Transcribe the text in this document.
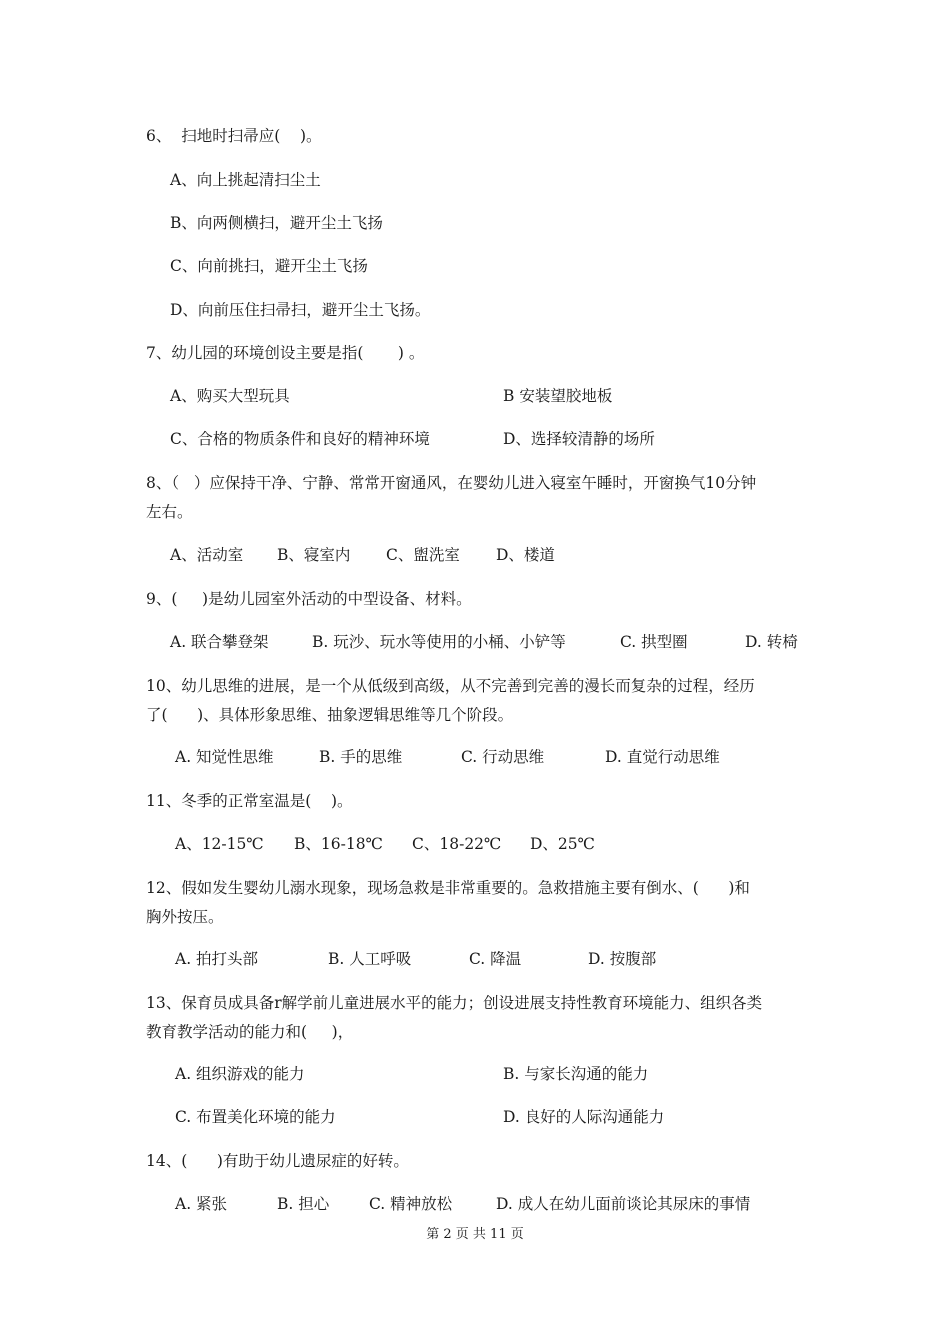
6、  扫地时扫帚应(    )。
A、向上挑起清扫尘土
B、向两侧横扫，避开尘土飞扬
C、向前挑扫，避开尘土飞扬
D、向前压住扫帚扫，避开尘土飞扬。
7、幼儿园的环境创设主要是指(       ) 。
A、购买大型玩具	B 安装望胶地板
C、合格的物质条件和良好的精神环境	D、选择较清静的场所
8、（   ）应保持干净、宁静、常常开窗通风，在婴幼儿进入寝室午睡时，开窗换气10分钟
左右。
A、活动室 B、寝室内 C、盥洗室 D、楼道
9、(     )是幼儿园室外活动的中型设备、材料。
A. 联合攀登架	B. 玩沙、玩水等使用的小桶、小铲等	C. 拱型圈	D. 转椅
10、幼儿思维的进展，是一个从低级到高级，从不完善到完善的漫长而复杂的过程，经历
了(      )、具体形象思维、抽象逻辑思维等几个阶段。
A. 知觉性思维	B. 手的思维	C. 行动思维	D. 直觉行动思维
11、冬季的正常室温是(    )。
A、12-15℃ B、16-18℃ C、18-22℃ D、25℃
12、假如发生婴幼儿溺水现象，现场急救是非常重要的。急救措施主要有倒水、(      )和
胸外按压。
A. 拍打头部	B. 人工呼吸	C. 降温	D. 按腹部
13、保育员成具备r解学前儿童进展水平的能力；创设进展支持性教育环境能力、组织各类
教育教学活动的能力和(     )，
A. 组织游戏的能力	B. 与家长沟通的能力
C. 布置美化环境的能力	D. 良好的人际沟通能力
14、(      )有助于幼儿遗尿症的好转。
A. 紧张	B. 担心	C. 精神放松	D. 成人在幼儿面前谈论其尿床的事情
第 2 页 共 11 页
